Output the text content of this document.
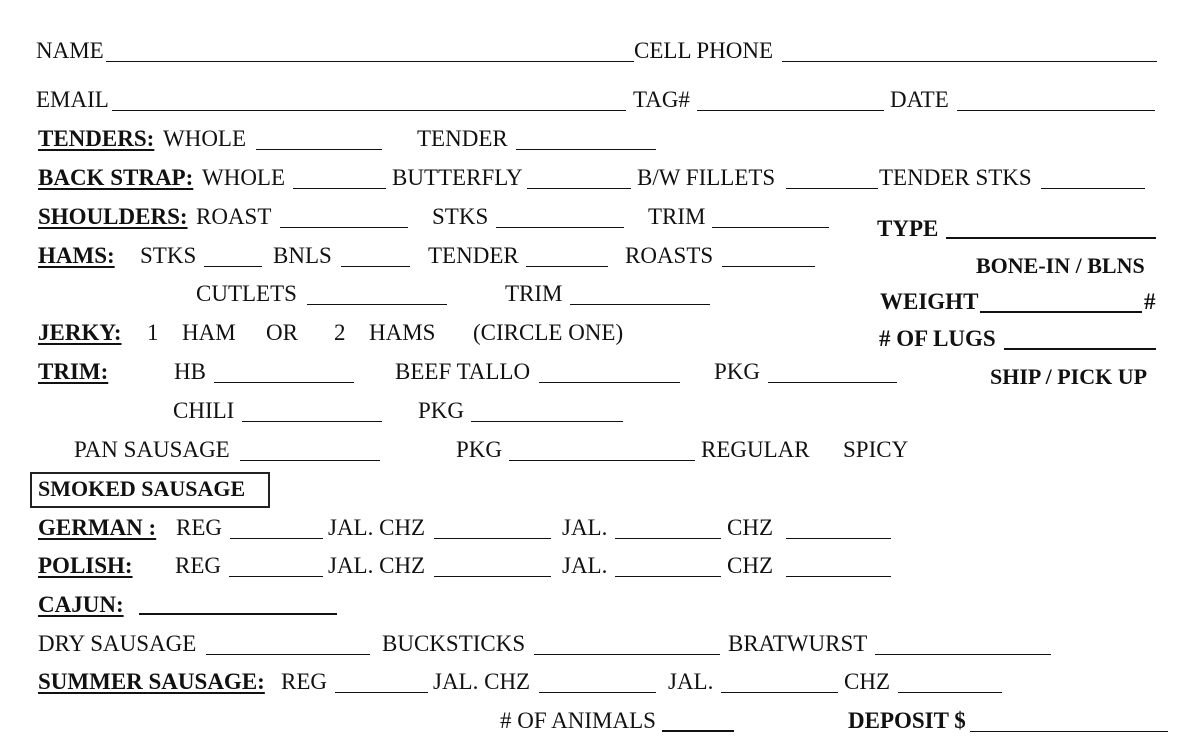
NAME	CELL PHONE
EMAIL	TAG#	DATE
TENDERS: WHOLE	TENDER
BACK STRAP: WHOLE	BUTTERFLY	B/W FILLETS	TENDER STKS
SHOULDERS: ROAST	STKS	TRIM
HAMS: STKS	BNLS	TENDER	ROASTS
CUTLETS	TRIM
JERKY: 1 HAM OR 2 HAMS (CIRCLE ONE)
TRIM:	HB	BEEF TALLO	PKG
CHILI	PKG
PAN SAUSAGE	PKG	REGULAR SPICY
SMOKED SAUSAGE
GERMAN : REG	JAL. CHZ	JAL.	CHZ
POLISH: REG	JAL. CHZ	JAL.	CHZ
CAJUN:
DRY SAUSAGE	BUCKSTICKS	BRATWURST
SUMMER SAUSAGE: REG	JAL. CHZ	JAL.	CHZ
# OF ANIMALS	DEPOSIT $
TYPE
BONE-IN / BLNS
WEIGHT	#
# OF LUGS
SHIP / PICK UP
